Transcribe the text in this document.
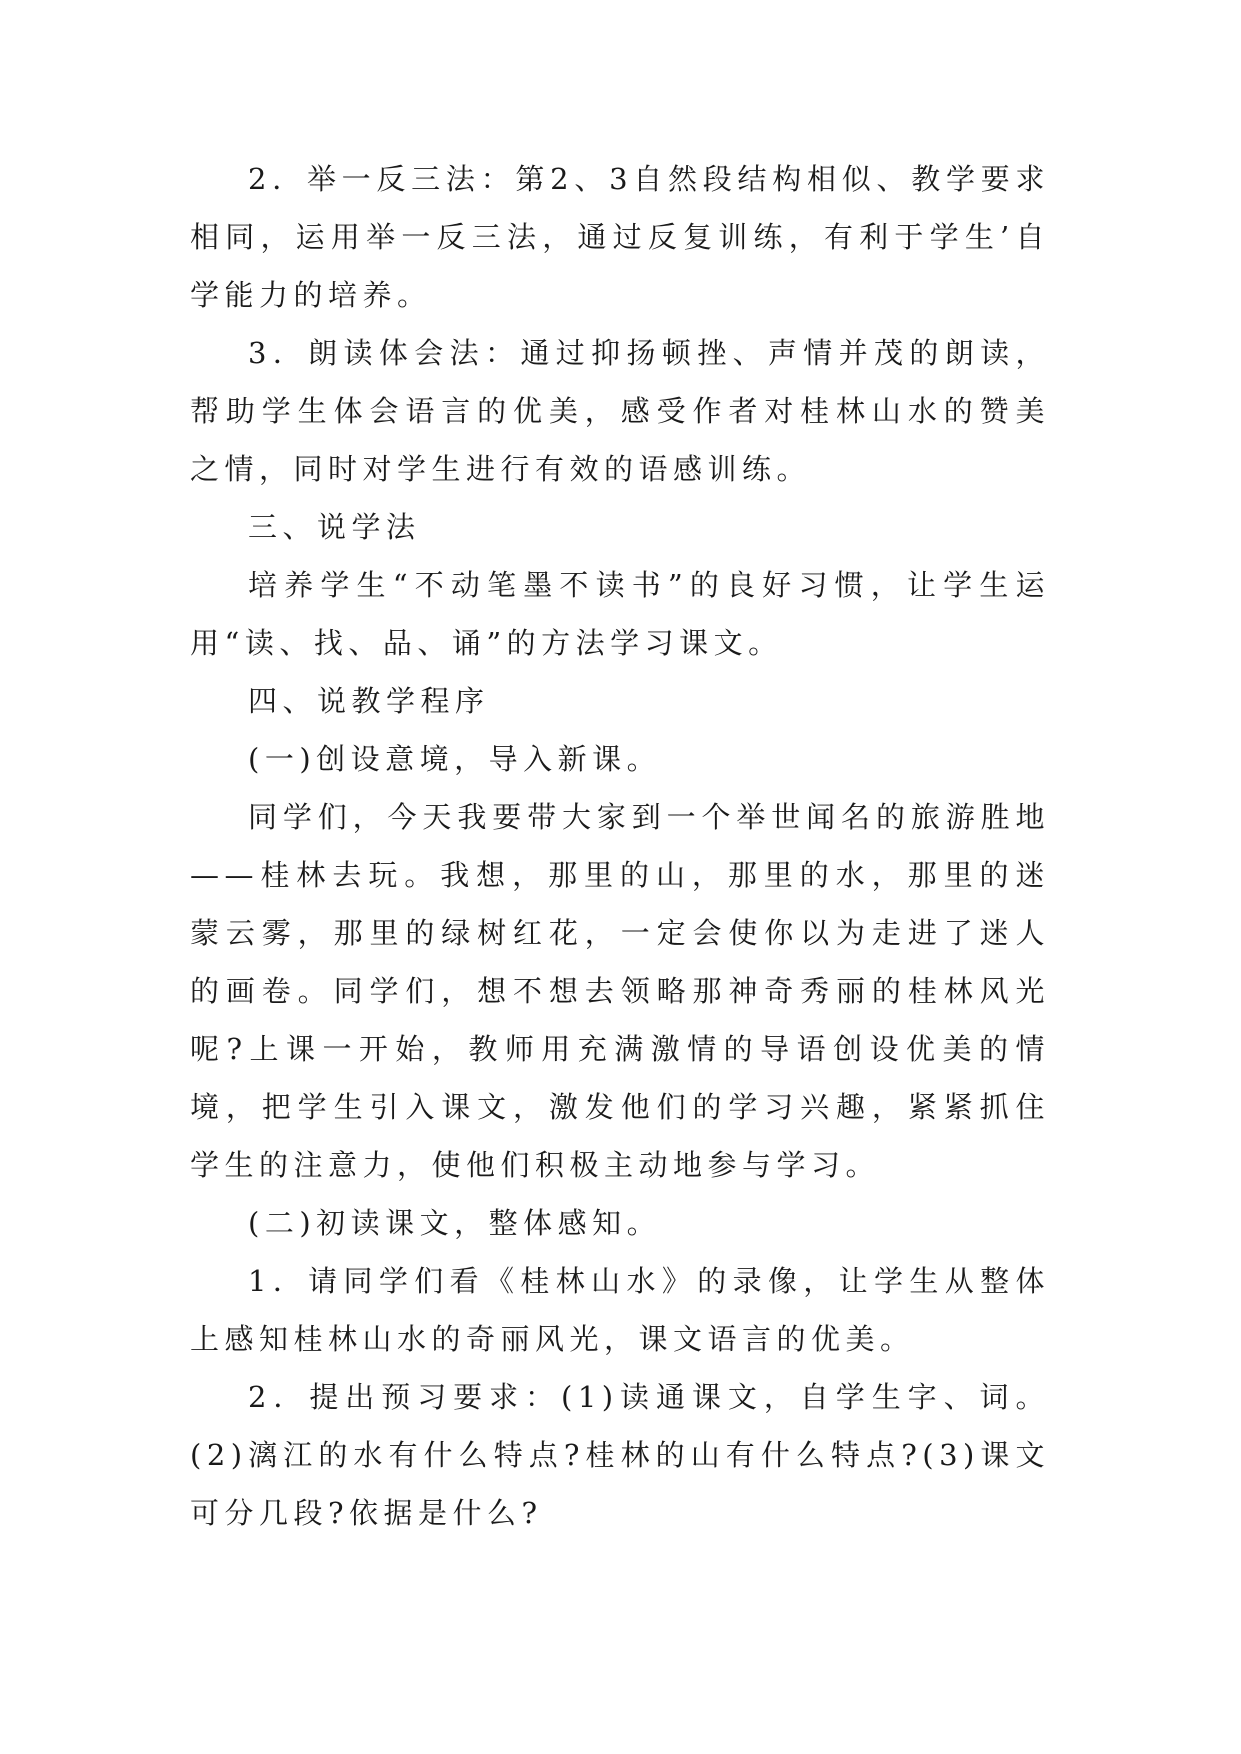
2．举一反三法：第2、3自然段结构相似、教学要求相同，运用举一反三法，通过反复训练，有利于学生’自学能力的培养。

3．朗读体会法：通过抑扬顿挫、声情并茂的朗读，帮助学生体会语言的优美，感受作者对桂林山水的赞美之情，同时对学生进行有效的语感训练。

三、说学法

培养学生“不动笔墨不读书”的良好习惯，让学生运用“读、找、品、诵”的方法学习课文。

四、说教学程序

(一)创设意境，导入新课。

同学们，今天我要带大家到一个举世闻名的旅游胜地——桂林去玩。我想，那里的山，那里的水，那里的迷蒙云雾，那里的绿树红花，一定会使你以为走进了迷人的画卷。同学们，想不想去领略那神奇秀丽的桂林风光呢?上课一开始，教师用充满激情的导语创设优美的情境，把学生引入课文，激发他们的学习兴趣，紧紧抓住学生的注意力，使他们积极主动地参与学习。

(二)初读课文，整体感知。

1．请同学们看《桂林山水》的录像，让学生从整体上感知桂林山水的奇丽风光，课文语言的优美。

2．提出预习要求：(1)读通课文，自学生字、词。(2)漓江的水有什么特点?桂林的山有什么特点?(3)课文可分几段?依据是什么?
